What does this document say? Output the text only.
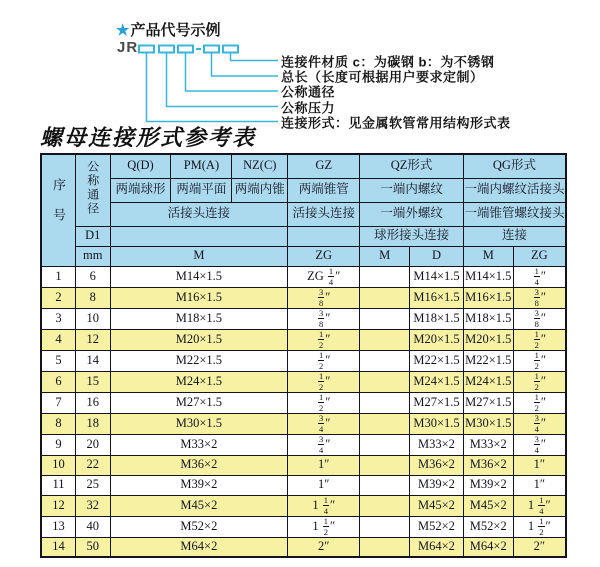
★产品代号示例
JR
连接件材质 c：为碳钢 b：为不锈钢
总长（长度可根据用户要求定制）
公称通径
公称压力
连接形式：见金属软管常用结构形式表
螺母连接形式参考表
序号	公称通径	Q(D)	PM(A)	NZ(C)	GZ	QZ形式		QG形式	
		两端球形	两端平面	两端内锥	两端锥管	一端内螺纹		一端内螺纹活接头	
		活接头连接			活接头连接	一端外螺纹		一端锥管螺纹接头	
	D1					球形接头连接		连接	
	mm	M			ZG	M	D	M	ZG
1	6	M14×1.5			ZG $\frac{1}{4}$ ″		M14×1.5	M14×1.5	$\frac{1}{4}$ ″
2	8	M16×1.5			$\frac{3}{8}$ ″		M16×1.5	M16×1.5	$\frac{3}{8}$ ″
3	10	M18×1.5			$\frac{3}{8}$ ″		M18×1.5	M18×1.5	$\frac{3}{8}$ ″
4	12	M20×1.5			$\frac{1}{2}$ ″		M20×1.5	M20×1.5	$\frac{1}{2}$ ″
5	14	M22×1.5			$\frac{1}{2}$ ″		M22×1.5	M22×1.5	$\frac{1}{2}$ ″
6	15	M24×1.5			$\frac{1}{2}$ ″		M24×1.5	M24×1.5	$\frac{1}{2}$ ″
7	16	M27×1.5			$\frac{1}{2}$ ″		M27×1.5	M27×1.5	$\frac{1}{2}$ ″
8	18	M30×1.5			$\frac{3}{4}$ ″		M30×1.5	M30×1.5	$\frac{3}{4}$ ″
9	20	M33×2			$\frac{3}{4}$ ″		M33×2	M33×2	$\frac{3}{4}$ ″
10	22	M36×2			1″		M36×2	M36×2	1″
11	25	M39×2			1″		M39×2	M39×2	1″
12	32	M45×2			$1 \frac{1}{4}$ ″		M45×2	M45×2	$1 \frac{1}{4}$ ″
13	40	M52×2			$1 \frac{1}{2}$ ″		M52×2	M52×2	$1 \frac{1}{2}$ ″
14	50	M64×2			2″		M64×2	M64×2	2″
